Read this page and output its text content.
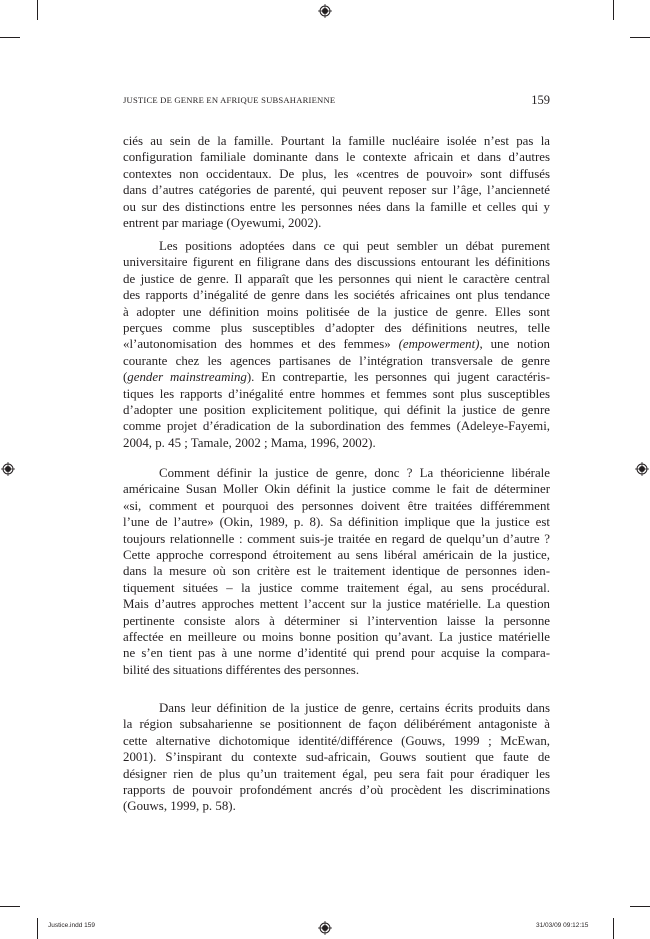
JUSTICE DE GENRE EN AFRIQUE SUBSAHARIENNE	159
ciés au sein de la famille. Pourtant la famille nucléaire isolée n’est pas la
configuration familiale dominante dans le contexte africain et dans d’autres
contextes non occidentaux. De plus, les «centres de pouvoir» sont diffusés
dans d’autres catégories de parenté, qui peuvent reposer sur l’âge, l’ancienneté
ou sur des distinctions entre les personnes nées dans la famille et celles qui y
entrent par mariage (Oyewumi, 2002).
Les positions adoptées dans ce qui peut sembler un débat purement
universitaire figurent en filigrane dans des discussions entourant les définitions
de justice de genre. Il apparaît que les personnes qui nient le caractère central
des rapports d’inégalité de genre dans les sociétés africaines ont plus tendance
à adopter une définition moins politisée de la justice de genre. Elles sont
perçues comme plus susceptibles d’adopter des définitions neutres, telle
«l’autonomisation des hommes et des femmes» (empowerment), une notion
courante chez les agences partisanes de l’intégration transversale de genre
(gender mainstreaming). En contrepartie, les personnes qui jugent caractéris-
tiques les rapports d’inégalité entre hommes et femmes sont plus susceptibles
d’adopter une position explicitement politique, qui définit la justice de genre
comme projet d’éradication de la subordination des femmes (Adeleye-Fayemi,
2004, p. 45 ; Tamale, 2002 ; Mama, 1996, 2002).
Comment définir la justice de genre, donc ? La théoricienne libérale
américaine Susan Moller Okin définit la justice comme le fait de déterminer
«si, comment et pourquoi des personnes doivent être traitées différemment
l’une de l’autre» (Okin, 1989, p. 8). Sa définition implique que la justice est
toujours relationnelle : comment suis-je traitée en regard de quelqu’un d’autre ?
Cette approche correspond étroitement au sens libéral américain de la justice,
dans la mesure où son critère est le traitement identique de personnes iden-
tiquement situées – la justice comme traitement égal, au sens procédural.
Mais d’autres approches mettent l’accent sur la justice matérielle. La question
pertinente consiste alors à déterminer si l’intervention laisse la personne
affectée en meilleure ou moins bonne position qu’avant. La justice matérielle
ne s’en tient pas à une norme d’identité qui prend pour acquise la compara-
bilité des situations différentes des personnes.
Dans leur définition de la justice de genre, certains écrits produits dans
la région subsaharienne se positionnent de façon délibérément antagoniste à
cette alternative dichotomique identité/différence (Gouws, 1999 ; McEwan,
2001). S’inspirant du contexte sud-africain, Gouws soutient que faute de
désigner rien de plus qu’un traitement égal, peu sera fait pour éradiquer les
rapports de pouvoir profondément ancrés d’où procèdent les discriminations
(Gouws, 1999, p. 58).
Justice.indd 159	31/03/09 09:12:15
